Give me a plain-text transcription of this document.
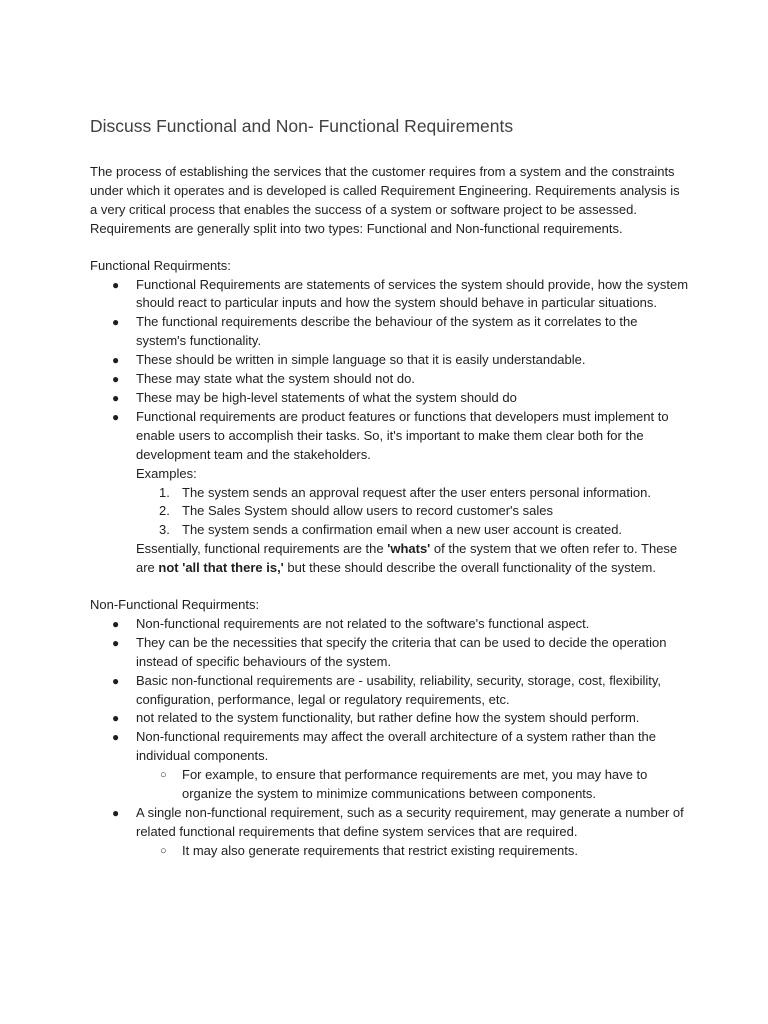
Discuss Functional and Non- Functional Requirements

The process of establishing the services that the customer requires from a system and the constraints under which it operates and is developed is called Requirement Engineering. Requirements analysis is a very critical process that enables the success of a system or software project to be assessed. Requirements are generally split into two types: Functional and Non-functional requirements.

Functional Requirments:

● Functional Requirements are statements of services the system should provide, how the system should react to particular inputs and how the system should behave in particular situations.
● The functional requirements describe the behaviour of the system as it correlates to the system's functionality.
● These should be written in simple language so that it is easily understandable.
● These may state what the system should not do.
● These may be high-level statements of what the system should do
● Functional requirements are product features or functions that developers must implement to enable users to accomplish their tasks. So, it's important to make them clear both for the development team and the stakeholders.
Examples:
1. The system sends an approval request after the user enters personal information.
2. The Sales System should allow users to record customer's sales
3. The system sends a confirmation email when a new user account is created.

Essentially, functional requirements are the 'whats' of the system that we often refer to. These are not 'all that there is,' but these should describe the overall functionality of the system.

Non-Functional Requirments:

● Non-functional requirements are not related to the software's functional aspect.
● They can be the necessities that specify the criteria that can be used to decide the operation instead of specific behaviours of the system.
● Basic non-functional requirements are - usability, reliability, security, storage, cost, flexibility, configuration, performance, legal or regulatory requirements, etc.
● not related to the system functionality, but rather define how the system should perform.
● Non-functional requirements may affect the overall architecture of a system rather than the individual components.
○ For example, to ensure that performance requirements are met, you may have to organize the system to minimize communications between components.
● A single non-functional requirement, such as a security requirement, may generate a number of related functional requirements that define system services that are required.
○ It may also generate requirements that restrict existing requirements.
